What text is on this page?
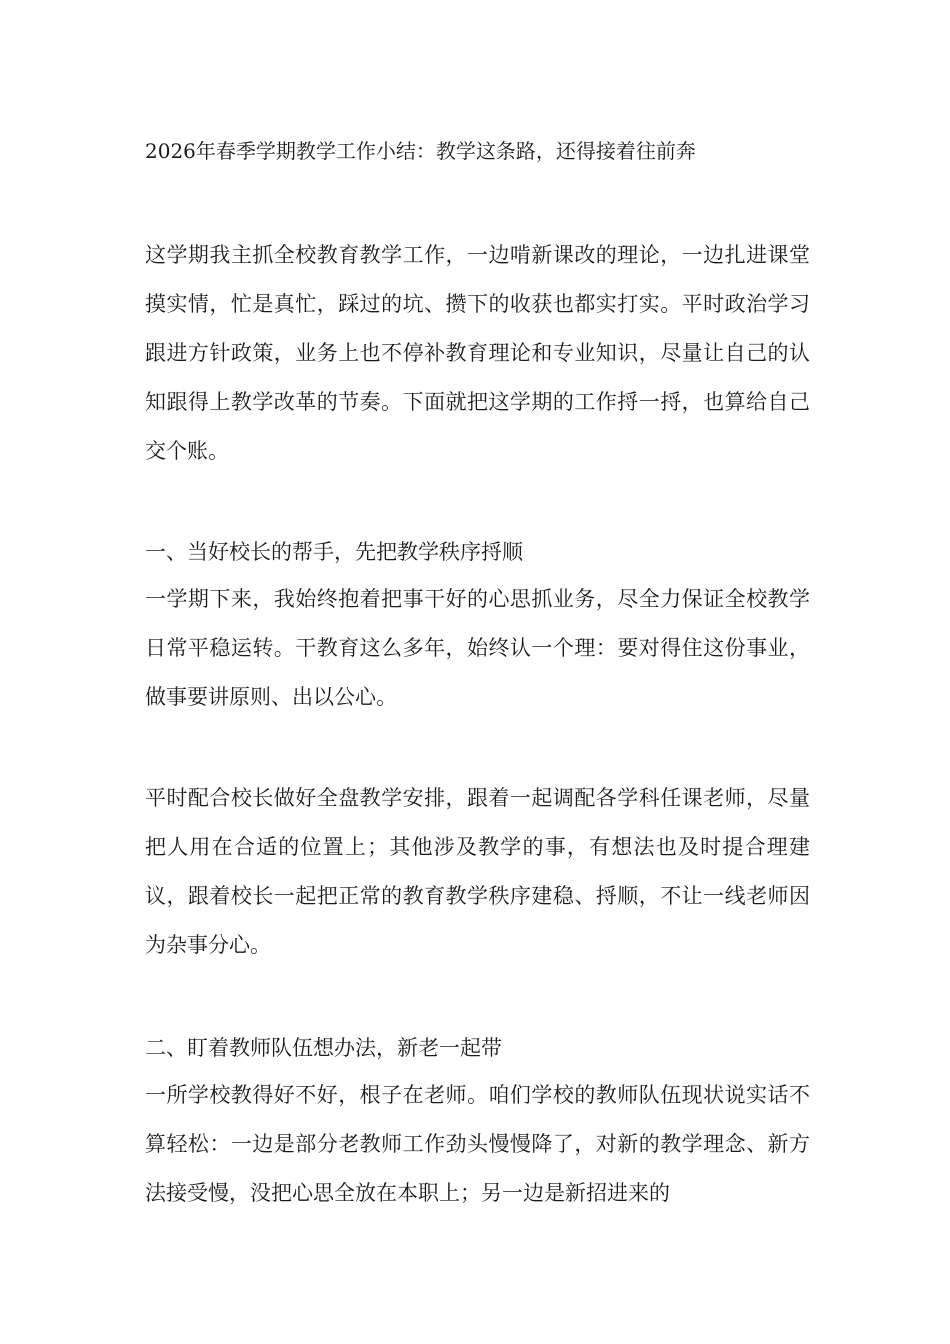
2026年春季学期教学工作小结：教学这条路，还得接着往前奔

这学期我主抓全校教育教学工作，一边啃新课改的理论，一边扎进课堂摸实情，忙是真忙，踩过的坑、攒下的收获也都实打实。平时政治学习跟进方针政策，业务上也不停补教育理论和专业知识，尽量让自己的认知跟得上教学改革的节奏。下面就把这学期的工作捋一捋，也算给自己交个账。

一、当好校长的帮手，先把教学秩序捋顺

一学期下来，我始终抱着把事干好的心思抓业务，尽全力保证全校教学日常平稳运转。干教育这么多年，始终认一个理：要对得住这份事业，做事要讲原则、出以公心。

平时配合校长做好全盘教学安排，跟着一起调配各学科任课老师，尽量把人用在合适的位置上；其他涉及教学的事，有想法也及时提合理建议，跟着校长一起把正常的教育教学秩序建稳、捋顺，不让一线老师因为杂事分心。

二、盯着教师队伍想办法，新老一起带

一所学校教得好不好，根子在老师。咱们学校的教师队伍现状说实话不算轻松：一边是部分老教师工作劲头慢慢降了，对新的教学理念、新方法接受慢，没把心思全放在本职上；另一边是新招进来的
